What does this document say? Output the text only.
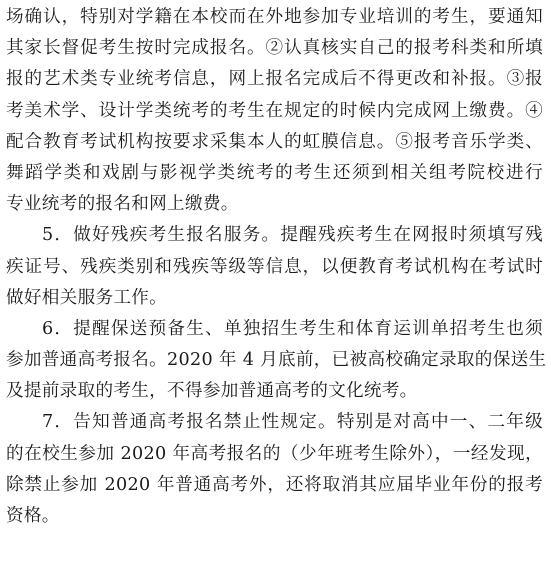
场确认，特别对学籍在本校而在外地参加专业培训的考生，要通知
其家长督促考生按时完成报名。②认真核实自己的报考科类和所填
报的艺术类专业统考信息，网上报名完成后不得更改和补报。③报
考美术学、设计学类统考的考生在规定的时候内完成网上缴费。④
配合教育考试机构按要求采集本人的虹膜信息。⑤报考音乐学类、
舞蹈学类和戏剧与影视学类统考的考生还须到相关组考院校进行
专业统考的报名和网上缴费。
5．做好残疾考生报名服务。提醒残疾考生在网报时须填写残
疾证号、残疾类别和残疾等级等信息，以便教育考试机构在考试时
做好相关服务工作。
6．提醒保送预备生、单独招生考生和体育运训单招考生也须
参加普通高考报名。2020 年 4 月底前，已被高校确定录取的保送生
及提前录取的考生，不得参加普通高考的文化统考。
7．告知普通高考报名禁止性规定。特别是对高中一、二年级
的在校生参加 2020 年高考报名的（少年班考生除外），一经发现，
除禁止参加 2020 年普通高考外，还将取消其应届毕业年份的报考
资格。
